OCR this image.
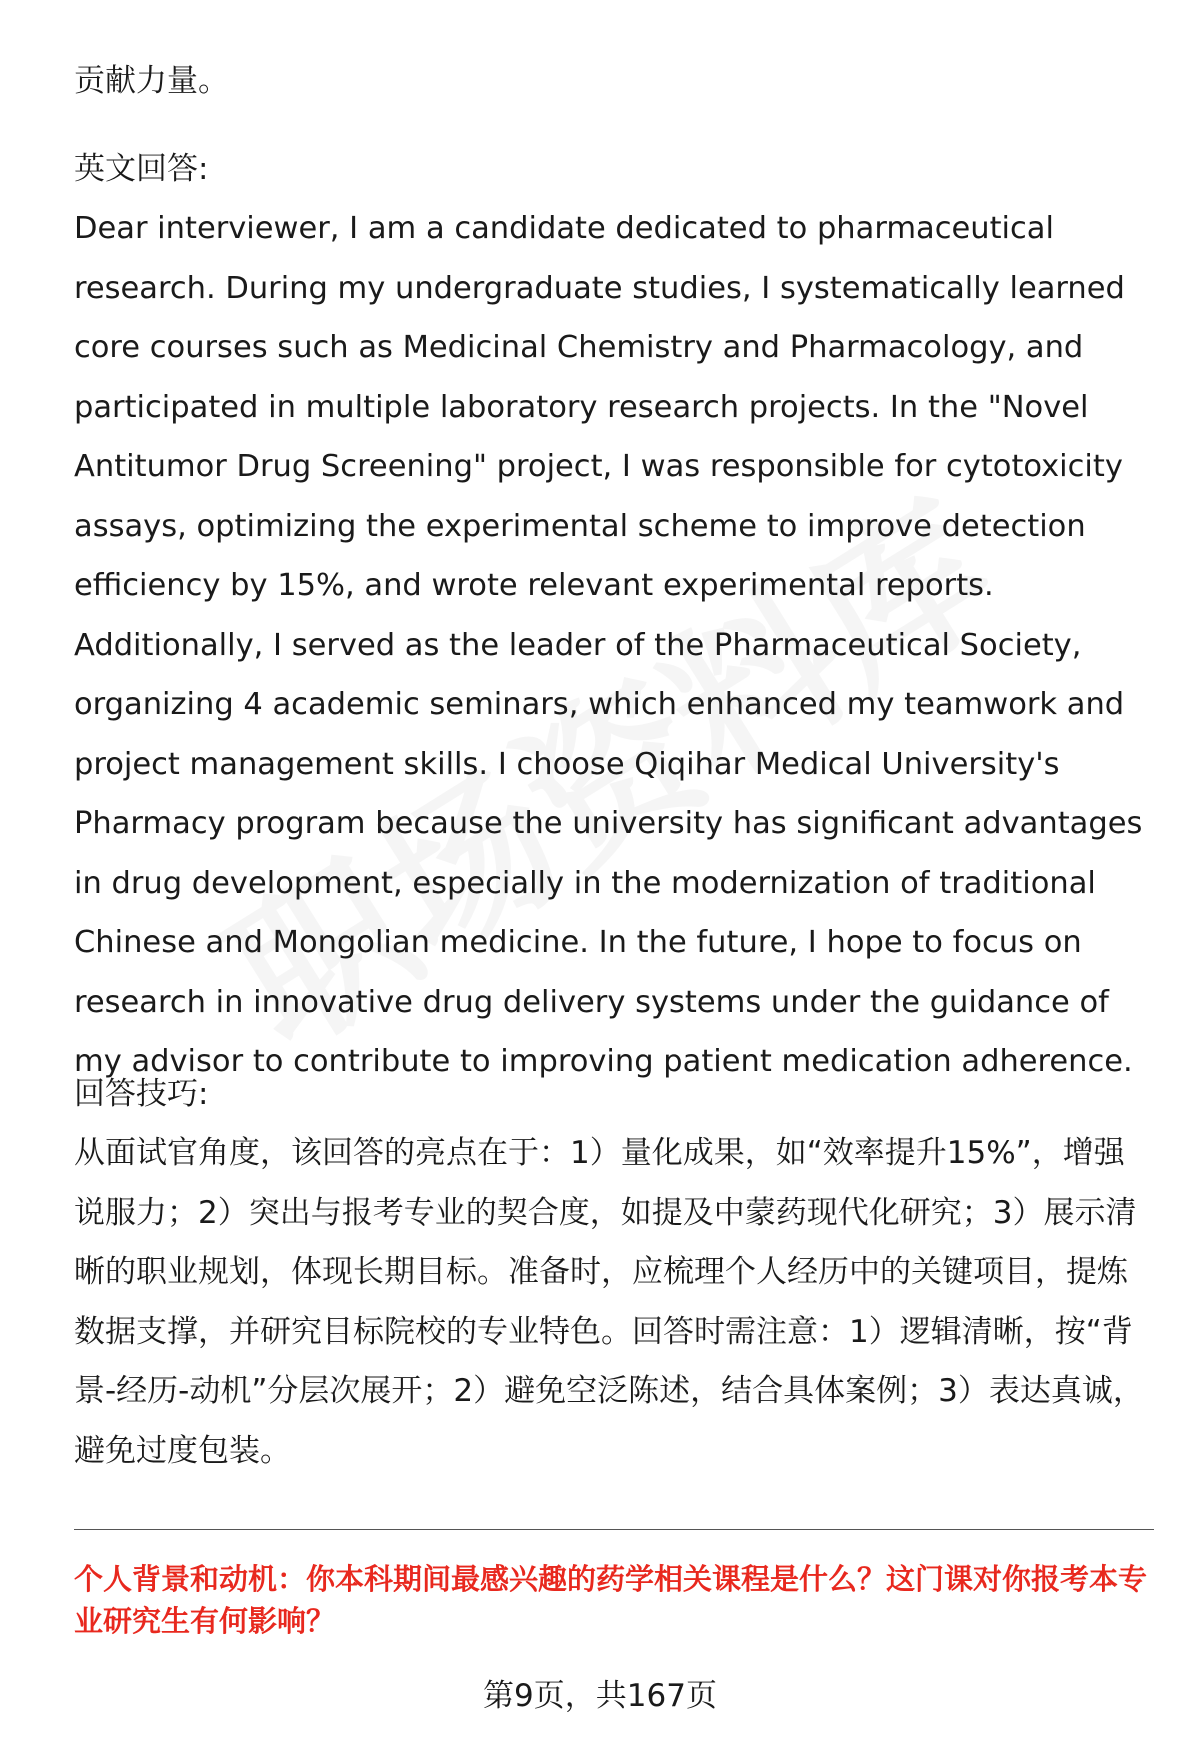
贡献力量。

英文回答:

Dear interviewer, I am a candidate dedicated to pharmaceutical research. During my undergraduate studies, I systematically learned core courses such as Medicinal Chemistry and Pharmacology, and participated in multiple laboratory research projects. In the "Novel Antitumor Drug Screening" project, I was responsible for cytotoxicity assays, optimizing the experimental scheme to improve detection efficiency by 15%, and wrote relevant experimental reports. Additionally, I served as the leader of the Pharmaceutical Society, organizing 4 academic seminars, which enhanced my teamwork and project management skills. I choose Qiqihar Medical University's Pharmacy program because the university has significant advantages in drug development, especially in the modernization of traditional Chinese and Mongolian medicine. In the future, I hope to focus on research in innovative drug delivery systems under the guidance of my advisor to contribute to improving patient medication adherence.

回答技巧:

从面试官角度，该回答的亮点在于：1）量化成果，如“效率提升15%”，增强说服力；2）突出与报考专业的契合度，如提及中蒙药现代化研究；3）展示清晰的职业规划，体现长期目标。准备时，应梳理个人经历中的关键项目，提炼数据支撑，并研究目标院校的专业特色。回答时需注意：1）逻辑清晰，按“背景-经历-动机”分层次展开；2）避免空泛陈述，结合具体案例；3）表达真诚，避免过度包装。

个人背景和动机：你本科期间最感兴趣的药学相关课程是什么？这门课对你报考本专业研究生有何影响？

第9页，共167页
